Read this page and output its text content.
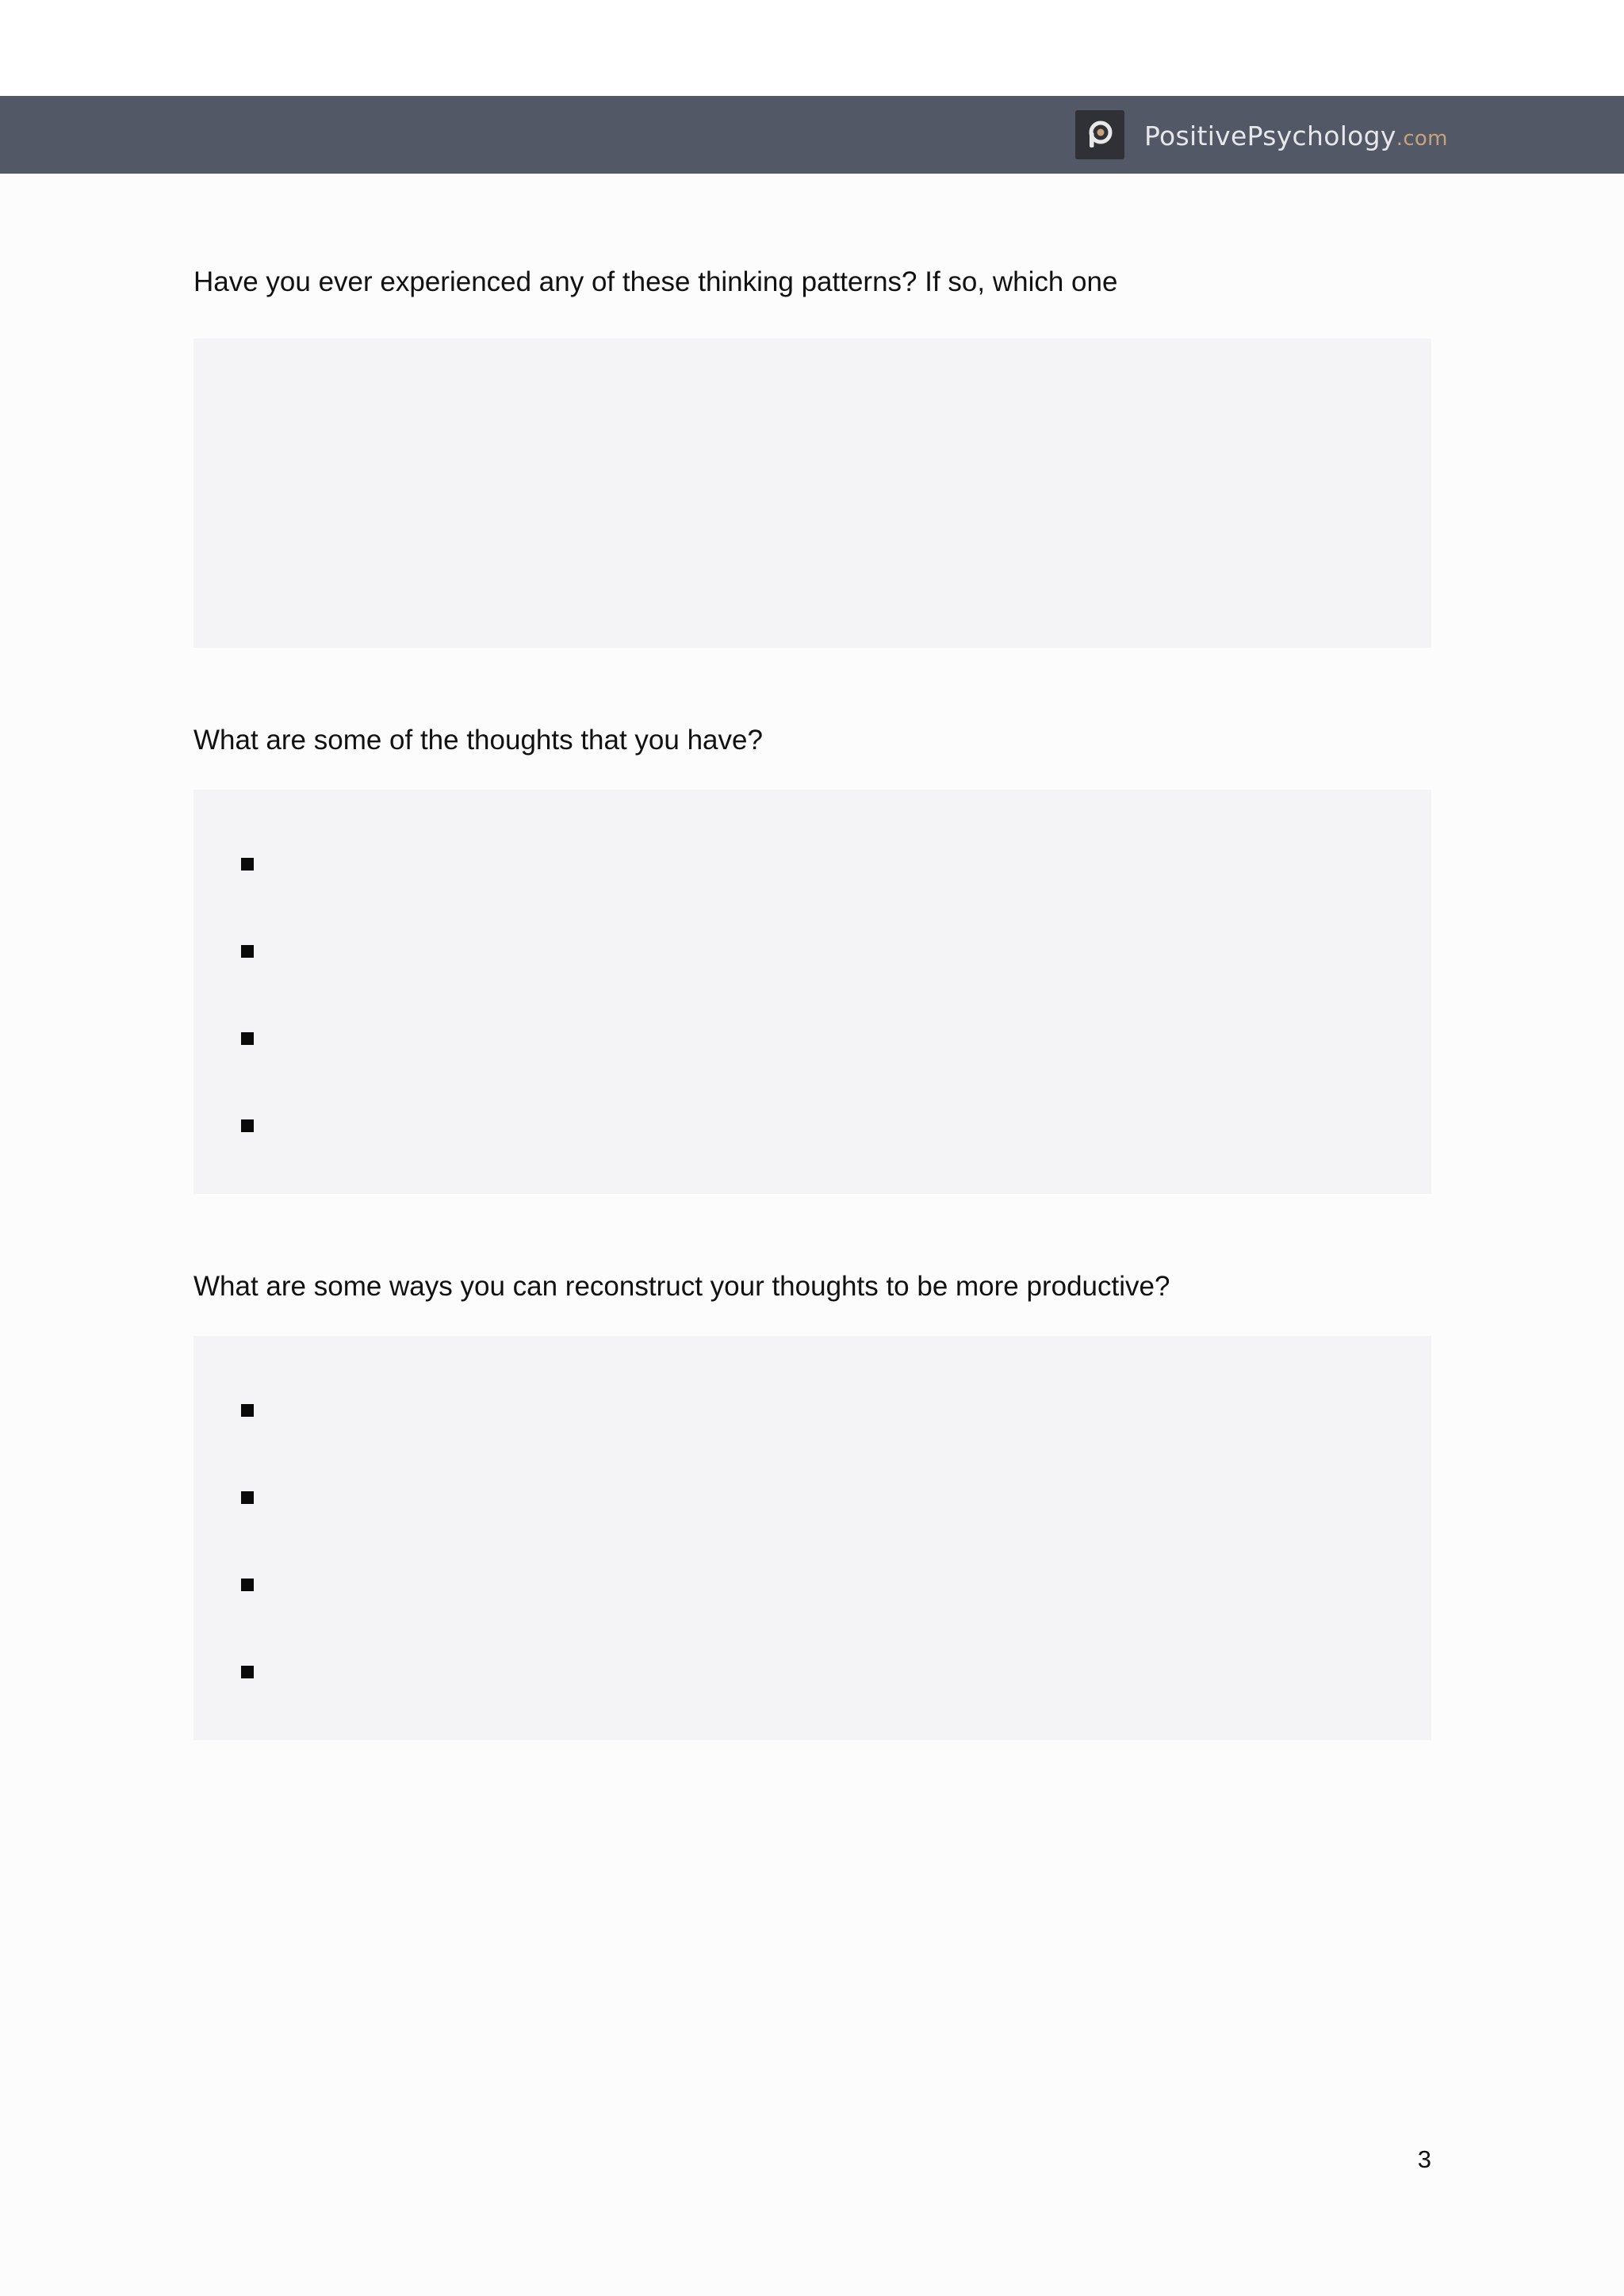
PositivePsychology.com

Have you ever experienced any of these thinking patterns? If so, which one

What are some of the thoughts that you have?

What are some ways you can reconstruct your thoughts to be more productive?

3
